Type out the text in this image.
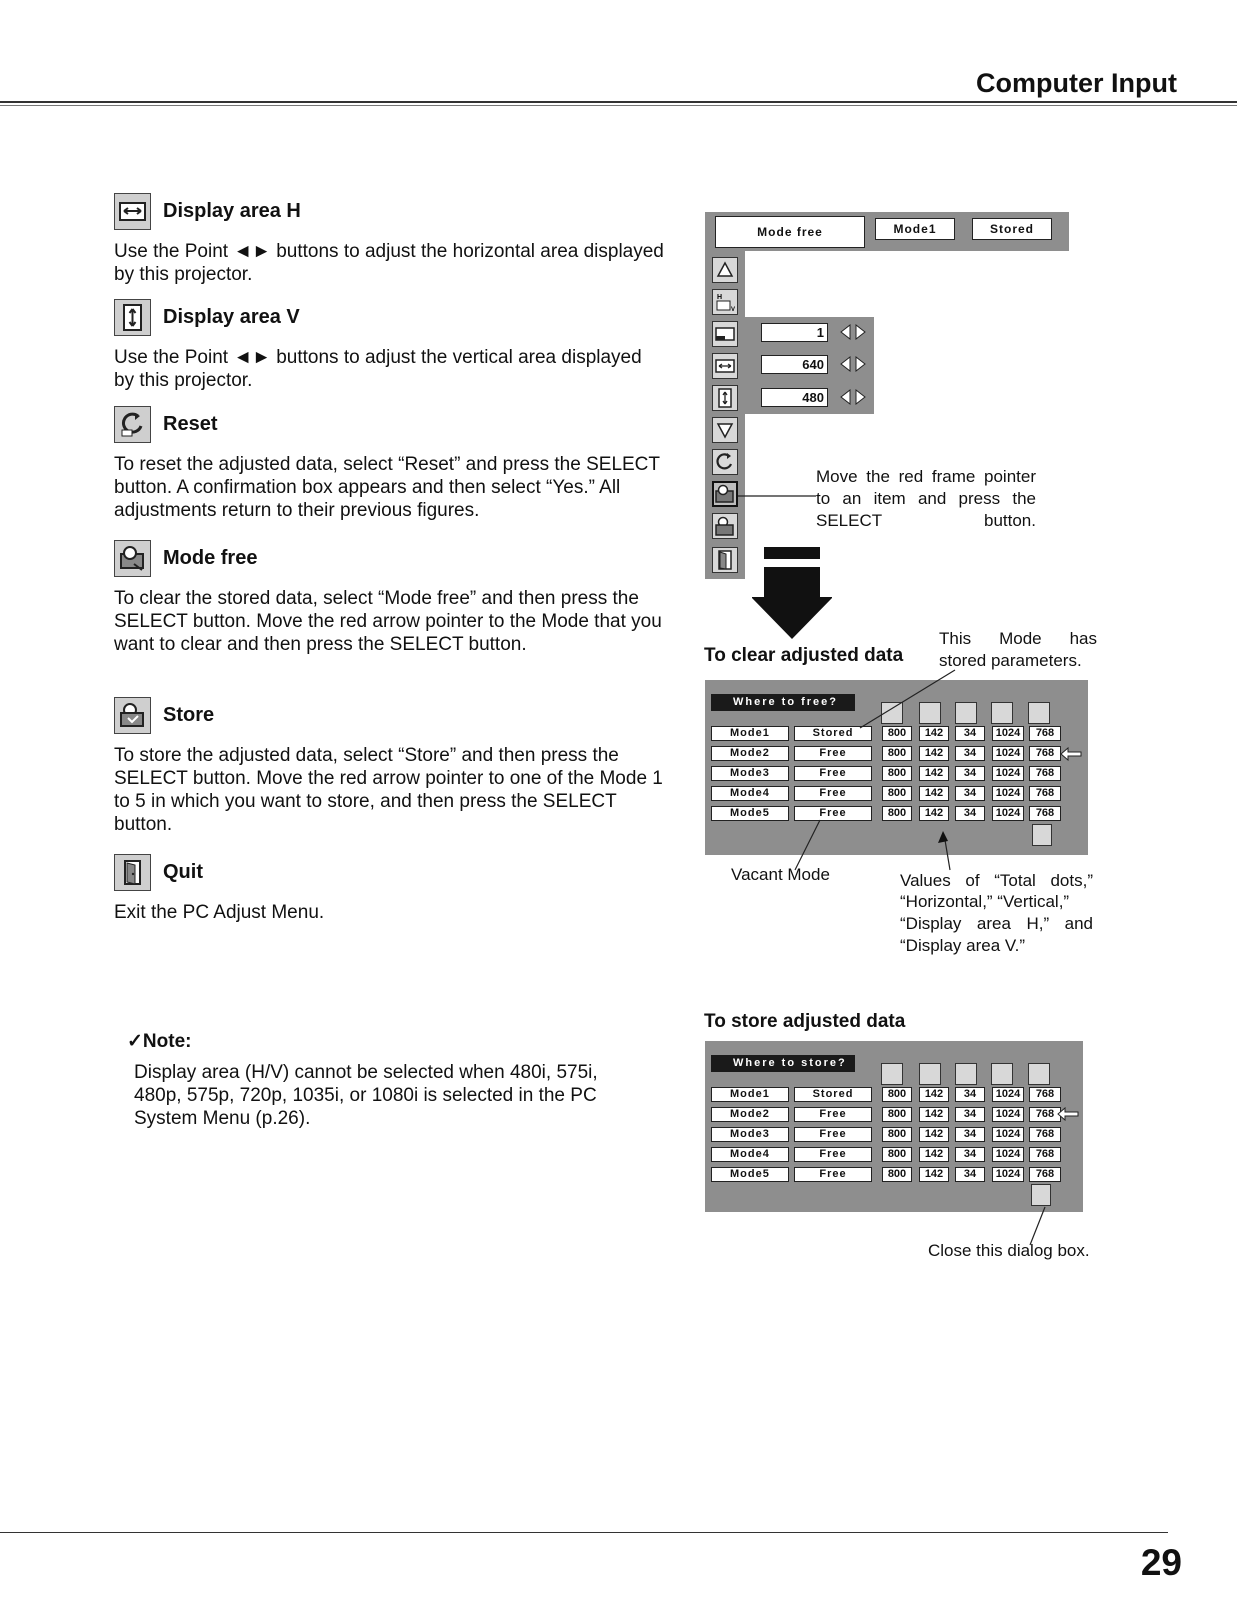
Computer Input
29
Display area H
Use the Point ◄► buttons to adjust the horizontal area displayed by this projector.
Display area V
Use the Point ◄► buttons to adjust the vertical area displayed by this projector.
Reset
To reset the adjusted data, select “Reset” and press the SELECT button. A confirmation box appears and then select “Yes.” All adjustments return to their previous figures.
Mode free
To clear the stored data, select “Mode free” and then press the SELECT button. Move the red arrow pointer to the Mode that you want to clear and then press the SELECT button.
Store
To store the adjusted data, select “Store” and then press the SELECT button. Move the red arrow pointer to one of the Mode 1 to 5 in which you want to store, and then press the SELECT button.
Quit
Exit the PC Adjust Menu.
✓Note:
Display area (H/V) cannot be selected when 480i, 575i, 480p, 575p, 720p, 1035i, or 1080i is selected in the PC System Menu (p.26).
Mode free	Mode1	Stored
H
V
1
640
480
Move the red frame pointer to an item and press the SELECT button.
To clear adjusted data
This Mode has
stored parameters.
Where to free?
Mode1	Stored	800	142	34	1024	768
Mode2	Free	800	142	34	1024	768
Mode3	Free	800	142	34	1024	768
Mode4	Free	800	142	34	1024	768
Mode5	Free	800	142	34	1024	768
Vacant Mode	Values of “Total dots,”
“Horizontal,” “Vertical,”
“Display area H,” and
“Display area V.”
To store adjusted data
Where to store?
Mode1	Stored	800	142	34	1024	768
Mode2	Free	800	142	34	1024	768
Mode3	Free	800	142	34	1024	768
Mode4	Free	800	142	34	1024	768
Mode5	Free	800	142	34	1024	768
Close this dialog box.
